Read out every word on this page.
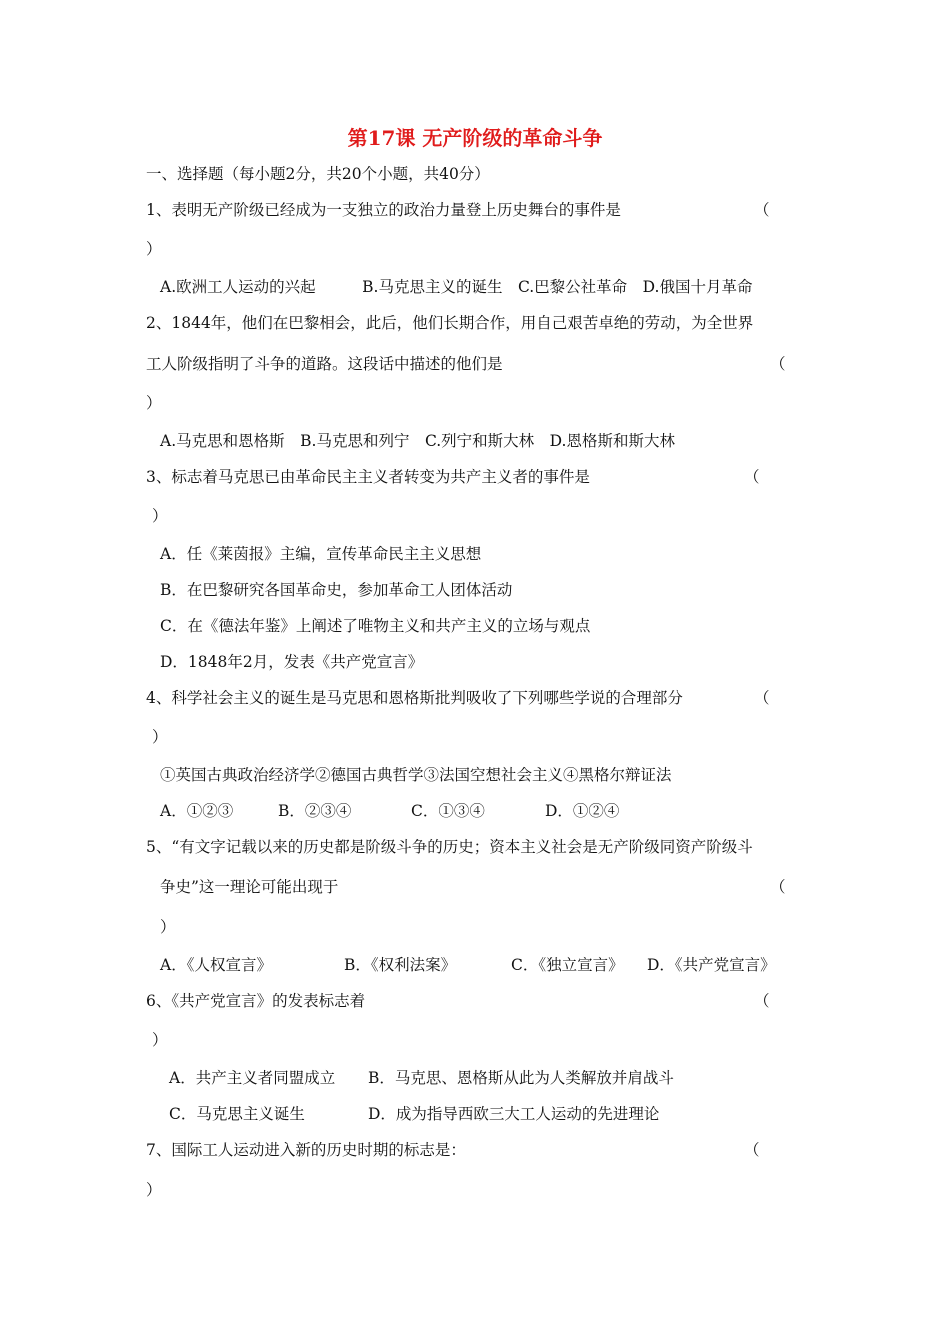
第17课 无产阶级的革命斗争
一、选择题（每小题2分，共20个小题，共40分）
1、表明无产阶级已经成为一支独立的政治力量登上历史舞台的事件是	（
）
A.欧洲工人运动的兴起　　　B.马克思主义的诞生　C.巴黎公社革命　D.俄国十月革命
2、1844年，他们在巴黎相会，此后，他们长期合作，用自己艰苦卓绝的劳动，为全世界
工人阶级指明了斗争的道路。这段话中描述的他们是	（
）
A.马克思和恩格斯　B.马克思和列宁　C.列宁和斯大林　D.恩格斯和斯大林
3、标志着马克思已由革命民主主义者转变为共产主义者的事件是	（
）
A．任《莱茵报》主编，宣传革命民主主义思想
B．在巴黎研究各国革命史，参加革命工人团体活动
C．在《德法年鉴》上阐述了唯物主义和共产主义的立场与观点
D．1848年2月，发表《共产党宣言》
4、科学社会主义的诞生是马克思和恩格斯批判吸收了下列哪些学说的合理部分	（
）
①英国古典政治经济学②德国古典哲学③法国空想社会主义④黑格尔辩证法
A．①②③	B．②③④	C．①③④	D．①②④
5、“有文字记载以来的历史都是阶级斗争的历史；资本主义社会是无产阶级同资产阶级斗
争史”这一理论可能出现于	（
）
A．《人权宣言》	B．《权利法案》	C．《独立宣言》 D．《共产党宣言》
6、《共产党宣言》的发表标志着	（
）
A．共产主义者同盟成立 B．马克思、恩格斯从此为人类解放并肩战斗
C．马克思主义诞生	D．成为指导西欧三大工人运动的先进理论
7、国际工人运动进入新的历史时期的标志是：	（
）
